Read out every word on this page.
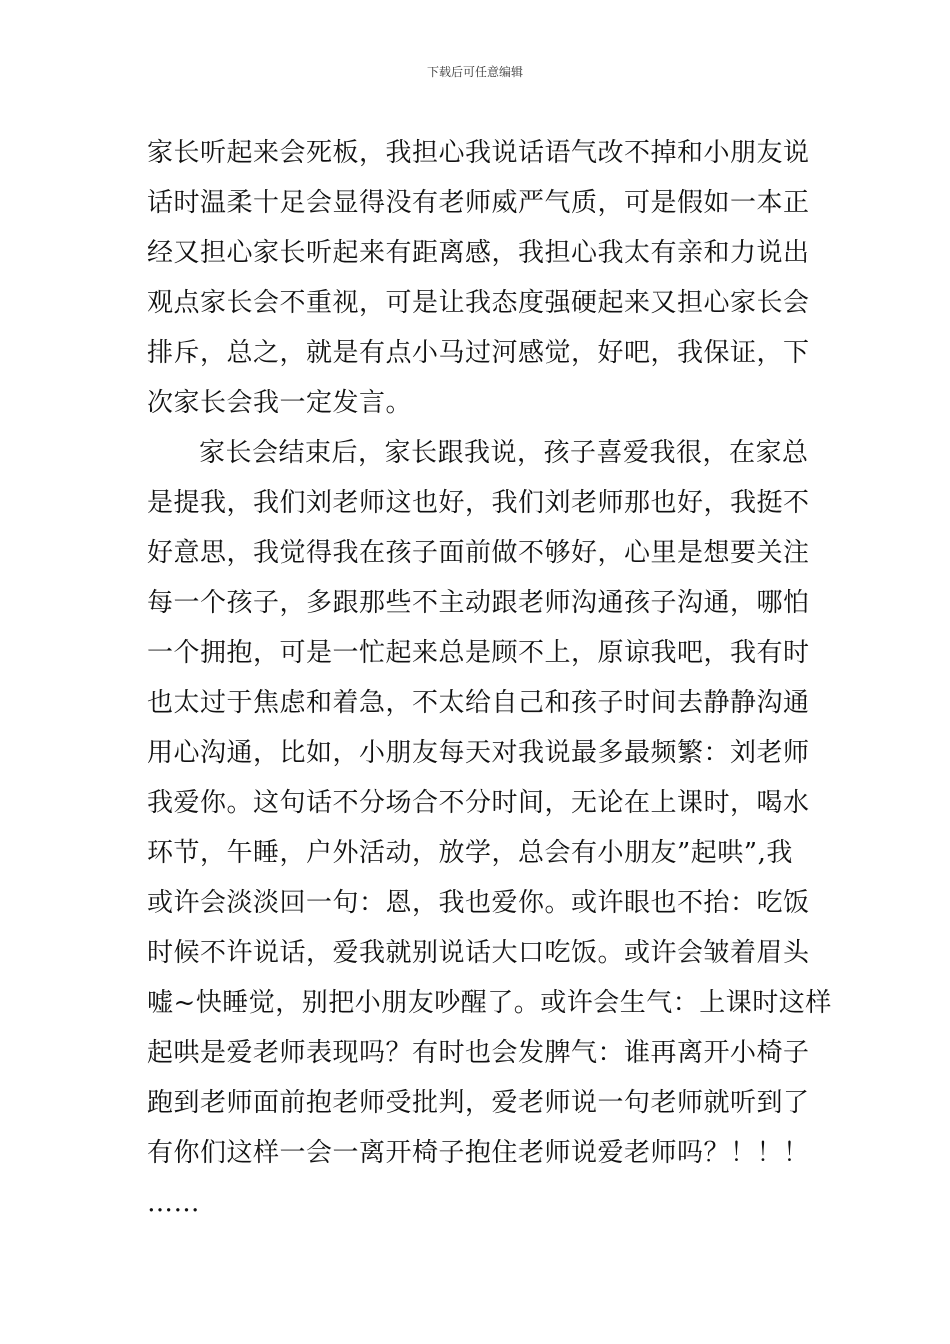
下载后可任意编辑
家长听起来会死板，我担心我说话语气改不掉和小朋友说
话时温柔十足会显得没有老师威严气质，可是假如一本正
经又担心家长听起来有距离感，我担心我太有亲和力说出
观点家长会不重视，可是让我态度强硬起来又担心家长会
排斥，总之，就是有点小马过河感觉，好吧，我保证，下
次家长会我一定发言。
家长会结束后，家长跟我说，孩子喜爱我很，在家总
是提我，我们刘老师这也好，我们刘老师那也好，我挺不
好意思，我觉得我在孩子面前做不够好，心里是想要关注
每一个孩子，多跟那些不主动跟老师沟通孩子沟通，哪怕
一个拥抱，可是一忙起来总是顾不上，原谅我吧，我有时
也太过于焦虑和着急，不太给自己和孩子时间去静静沟通
用心沟通，比如，小朋友每天对我说最多最频繁：刘老师
我爱你。这句话不分场合不分时间，无论在上课时，喝水
环节，午睡，户外活动，放学，总会有小朋友”起哄”,我
或许会淡淡回一句：恩，我也爱你。或许眼也不抬：吃饭
时候不许说话，爱我就别说话大口吃饭。或许会皱着眉头
嘘~快睡觉，别把小朋友吵醒了。或许会生气：上课时这样
起哄是爱老师表现吗？有时也会发脾气：谁再离开小椅子
跑到老师面前抱老师受批判，爱老师说一句老师就听到了
有你们这样一会一离开椅子抱住老师说爱老师吗？！！！
……
